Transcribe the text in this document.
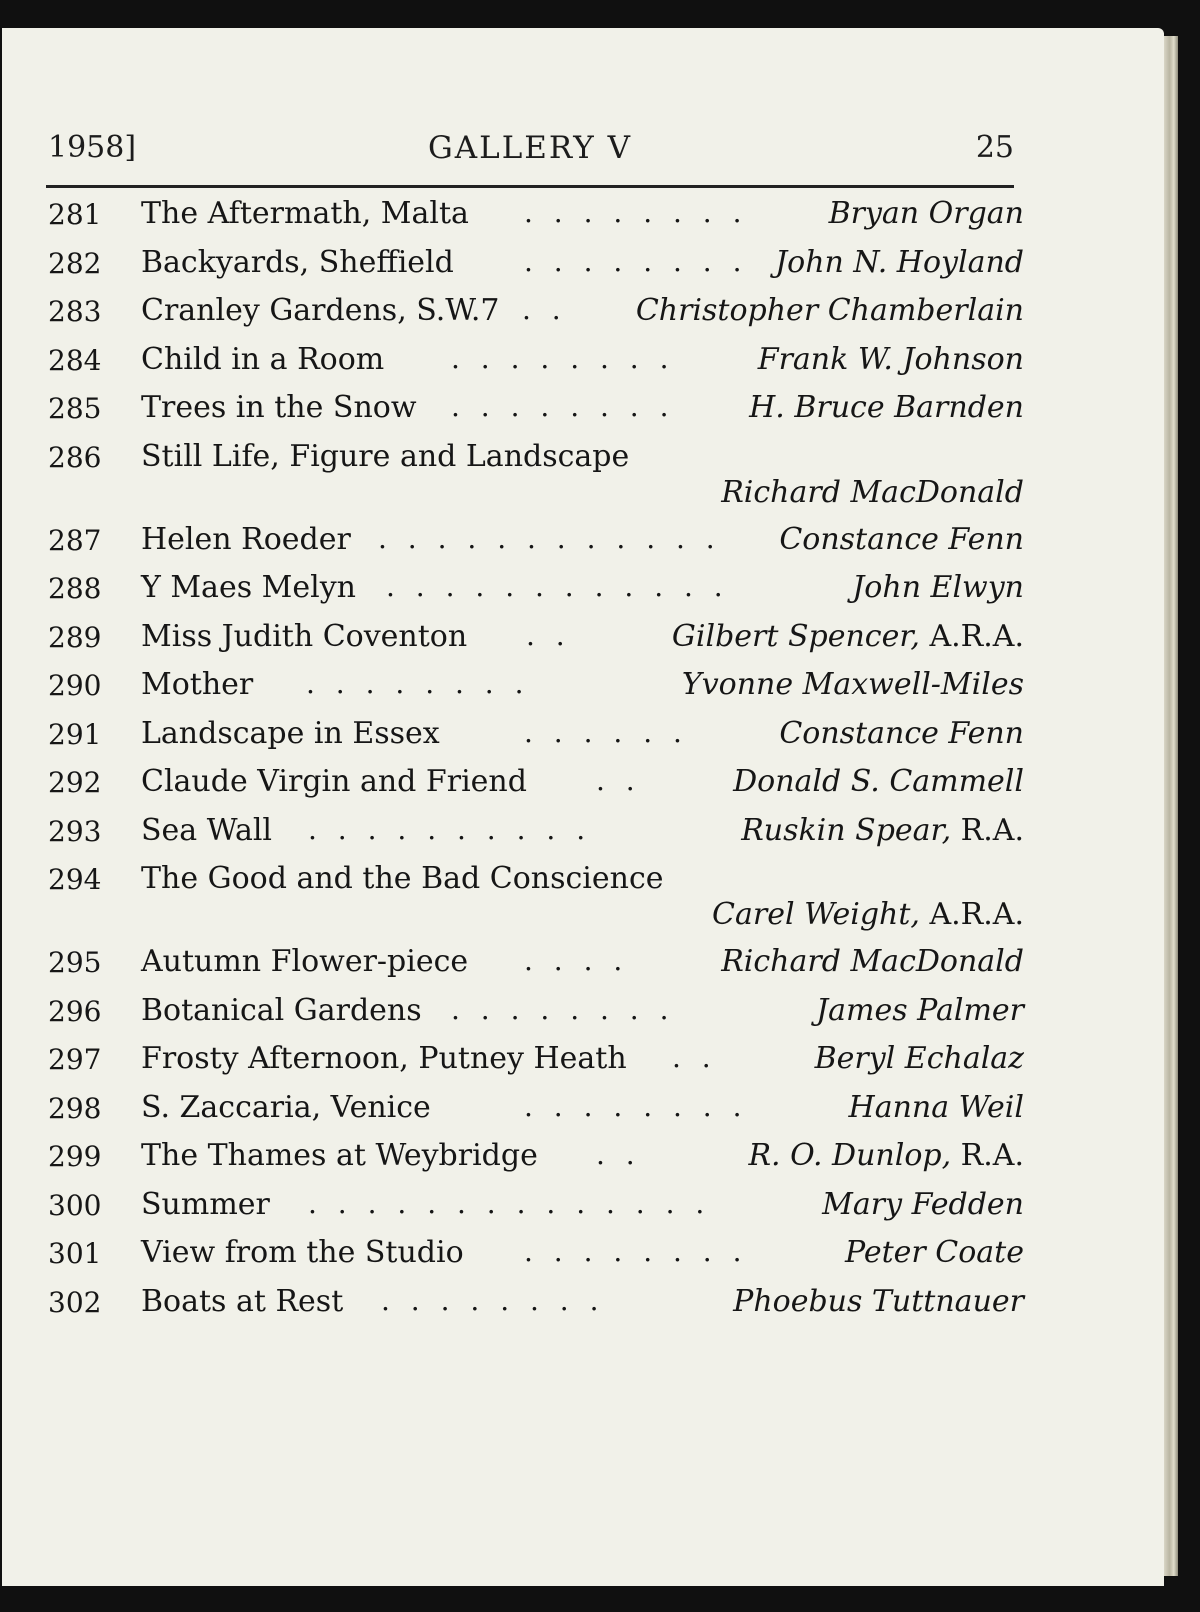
1958]	GALLERY V	25
281 The Aftermath, Malta . . . . . . . .	Bryan Organ
282 Backyards, Sheffield	. . . . . . . . John N. Hoyland
283 Cranley Gardens, S.W.7 . . Christopher Chamberlain
284 Child in a Room . . . . . . . .	Frank W. Johnson
285 Trees in the Snow . . . . . . . . H. Bruce Barnden
286 Still Life, Figure and Landscape
Richard MacDonald
287 Helen Roeder . . . . . . . . . . . . Constance Fenn
288 Y Maes Melyn . . . . . . . . . . . .	John Elwyn
289 Miss Judith Coventon . .	Gilbert Spencer, A.R.A.
290 Mother . . . . . . . .	Yvonne Maxwell-Miles
291 Landscape in Essex	. . . . . .	Constance Fenn
292 Claude Virgin and Friend . .	Donald S. Cammell
293 Sea Wall . . . . . . . . . .	Ruskin Spear, R.A.
294 The Good and the Bad Conscience
Carel Weight, A.R.A.
295 Autumn Flower-piece . . . .	Richard MacDonald
296 Botanical Gardens . . . . . . . .	James Palmer
297 Frosty Afternoon, Putney Heath . .	Beryl Echalaz
298 S. Zaccaria, Venice	. . . . . . . .	Hanna Weil
299 The Thames at Weybridge . .	R. O. Dunlop, R.A.
300 Summer . . . . . . . . . . . . . .	Mary Fedden
301 View from the Studio . . . . . . . .	Peter Coate
302 Boats at Rest . . . . . . . .	Phoebus Tuttnauer
